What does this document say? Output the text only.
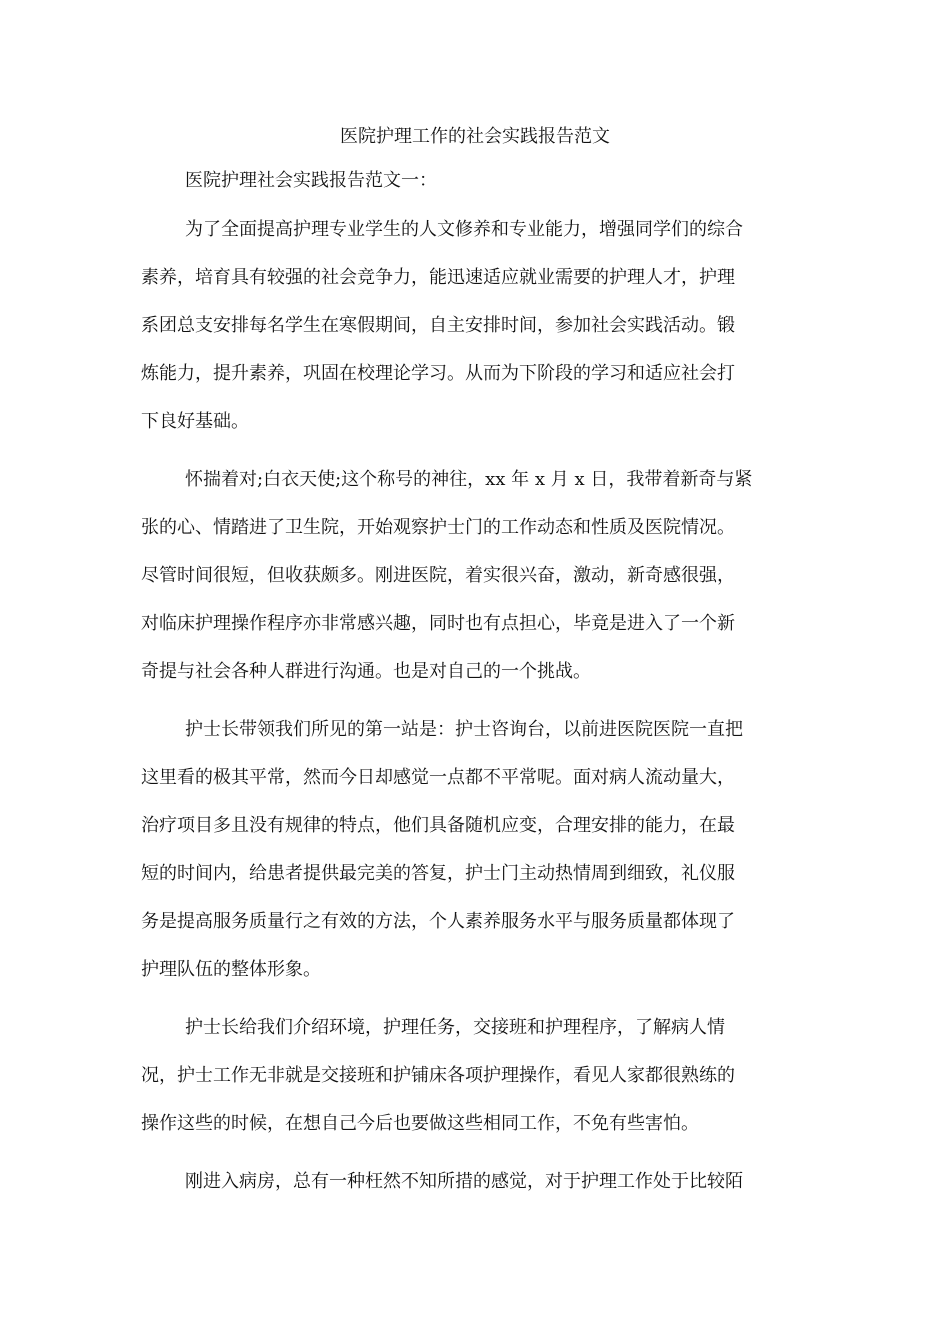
医院护理工作的社会实践报告范文

医院护理社会实践报告范文一：

为了全面提高护理专业学生的人文修养和专业能力，增强同学们的综合
素养，培育具有较强的社会竞争力，能迅速适应就业需要的护理人才，护理
系团总支安排每名学生在寒假期间，自主安排时间，参加社会实践活动。锻
炼能力，提升素养，巩固在校理论学习。从而为下阶段的学习和适应社会打
下良好基础。
怀揣着对;白衣天使;这个称号的神往，xx 年 x 月 x 日，我带着新奇与紧
张的心、情踏进了卫生院，开始观察护士门的工作动态和性质及医院情况。
尽管时间很短，但收获颇多。刚进医院，着实很兴奋，激动，新奇感很强，
对临床护理操作程序亦非常感兴趣，同时也有点担心，毕竟是进入了一个新
奇提与社会各种人群进行沟通。也是对自己的一个挑战。
护士长带领我们所见的第一站是：护士咨询台，以前进医院医院一直把
这里看的极其平常，然而今日却感觉一点都不平常呢。面对病人流动量大，
治疗项目多且没有规律的特点，他们具备随机应变，合理安排的能力，在最
短的时间内，给患者提供最完美的答复，护士门主动热情周到细致，礼仪服
务是提高服务质量行之有效的方法，个人素养服务水平与服务质量都体现了
护理队伍的整体形象。
护士长给我们介绍环境，护理任务，交接班和护理程序，了解病人情
况，护士工作无非就是交接班和护铺床各项护理操作，看见人家都很熟练的
操作这些的时候，在想自己今后也要做这些相同工作，不免有些害怕。
刚进入病房，总有一种枉然不知所措的感觉，对于护理工作处于比较陌
